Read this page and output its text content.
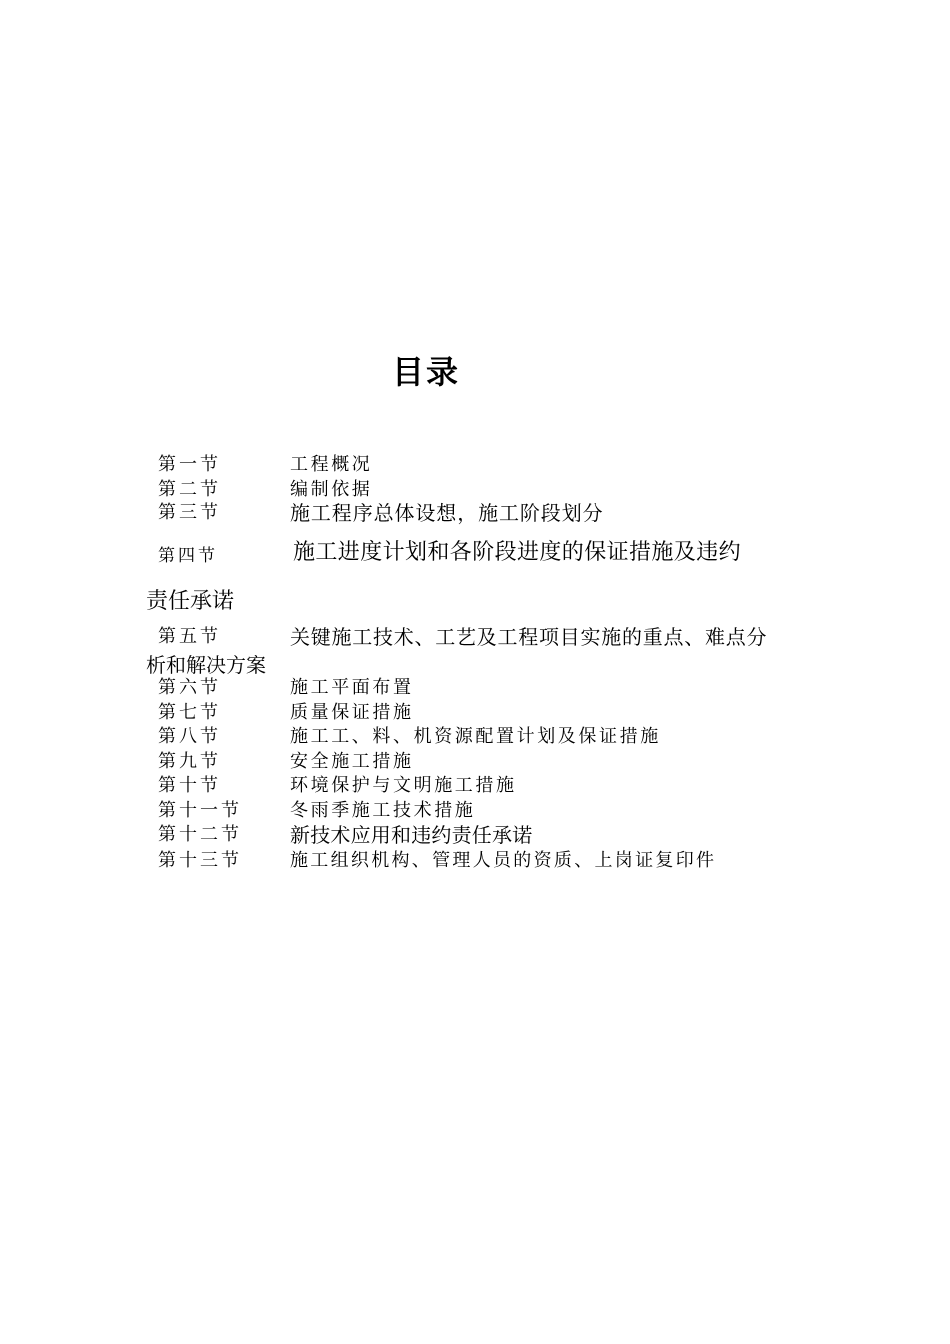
目录
第一节	工程概况
第二节	编制依据
第三节	施工程序总体设想，施工阶段划分
第四节	施工进度计划和各阶段进度的保证措施及违约
责任承诺
第五节	关键施工技术、工艺及工程项目实施的重点、难点分
析和解决方案
第六节	施工平面布置
第七节	质量保证措施
第八节	施工工、料、机资源配置计划及保证措施
第九节	安全施工措施
第十节	环境保护与文明施工措施
第十一节	冬雨季施工技术措施
第十二节 新技术应用和违约责任承诺
第十三节	施工组织机构、管理人员的资质、上岗证复印件
